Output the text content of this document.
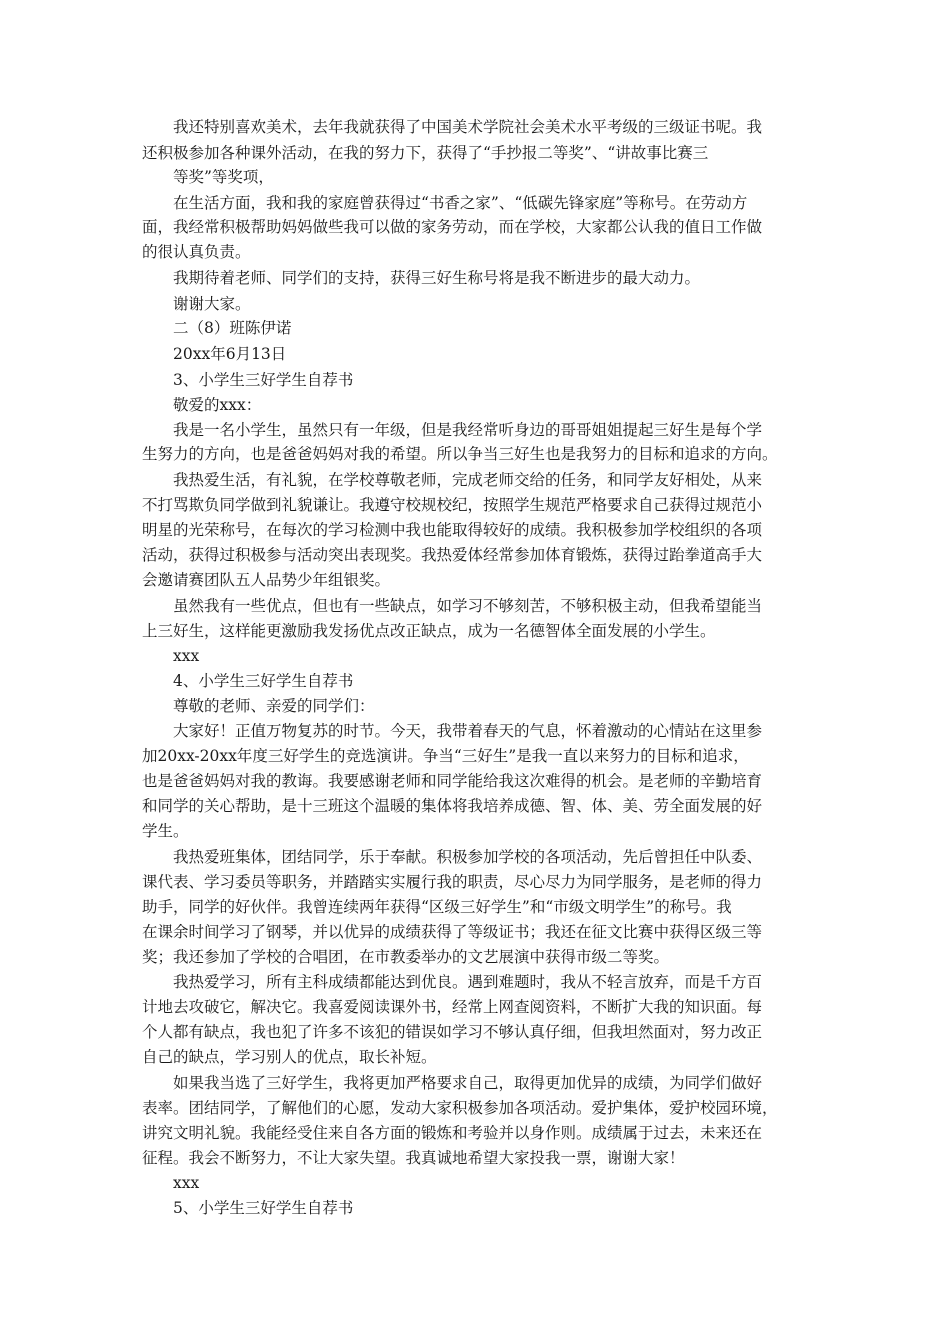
我还特别喜欢美术，去年我就获得了中国美术学院社会美术水平考级的三级证书呢。我
还积极参加各种课外活动，在我的努力下，获得了“手抄报二等奖”、“讲故事比赛三
等奖”等奖项，
在生活方面，我和我的家庭曾获得过“书香之家”、“低碳先锋家庭”等称号。在劳动方
面，我经常积极帮助妈妈做些我可以做的家务劳动，而在学校，大家都公认我的值日工作做
的很认真负责。
我期待着老师、同学们的支持，获得三好生称号将是我不断进步的最大动力。
谢谢大家。
二（8）班陈伊诺
20xx年6月13日
3、小学生三好学生自荐书
敬爱的xxx：
我是一名小学生，虽然只有一年级，但是我经常听身边的哥哥姐姐提起三好生是每个学
生努力的方向，也是爸爸妈妈对我的希望。所以争当三好生也是我努力的目标和追求的方向。
我热爱生活，有礼貌，在学校尊敬老师，完成老师交给的任务，和同学友好相处，从来
不打骂欺负同学做到礼貌谦让。我遵守校规校纪，按照学生规范严格要求自己获得过规范小
明星的光荣称号，在每次的学习检测中我也能取得较好的成绩。我积极参加学校组织的各项
活动，获得过积极参与活动突出表现奖。我热爱体经常参加体育锻炼，获得过跆拳道高手大
会邀请赛团队五人品势少年组银奖。
虽然我有一些优点，但也有一些缺点，如学习不够刻苦，不够积极主动，但我希望能当
上三好生，这样能更激励我发扬优点改正缺点，成为一名德智体全面发展的小学生。
xxx
4、小学生三好学生自荐书
尊敬的老师、亲爱的同学们：
大家好！正值万物复苏的时节。今天，我带着春天的气息，怀着激动的心情站在这里参
加20xx-20xx年度三好学生的竞选演讲。争当“三好生”是我一直以来努力的目标和追求，
也是爸爸妈妈对我的教诲。我要感谢老师和同学能给我这次难得的机会。是老师的辛勤培育
和同学的关心帮助，是十三班这个温暖的集体将我培养成德、智、体、美、劳全面发展的好
学生。
我热爱班集体，团结同学，乐于奉献。积极参加学校的各项活动，先后曾担任中队委、
课代表、学习委员等职务，并踏踏实实履行我的职责，尽心尽力为同学服务，是老师的得力
助手，同学的好伙伴。我曾连续两年获得“区级三好学生”和“市级文明学生”的称号。我
在课余时间学习了钢琴，并以优异的成绩获得了等级证书；我还在征文比赛中获得区级三等
奖；我还参加了学校的合唱团，在市教委举办的文艺展演中获得市级二等奖。
我热爱学习，所有主科成绩都能达到优良。遇到难题时，我从不轻言放弃，而是千方百
计地去攻破它，解决它。我喜爱阅读课外书，经常上网查阅资料，不断扩大我的知识面。每
个人都有缺点，我也犯了许多不该犯的错误如学习不够认真仔细，但我坦然面对，努力改正
自己的缺点，学习别人的优点，取长补短。
如果我当选了三好学生，我将更加严格要求自己，取得更加优异的成绩，为同学们做好
表率。团结同学，了解他们的心愿，发动大家积极参加各项活动。爱护集体，爱护校园环境，
讲究文明礼貌。我能经受住来自各方面的锻炼和考验并以身作则。成绩属于过去，未来还在
征程。我会不断努力，不让大家失望。我真诚地希望大家投我一票，谢谢大家！
xxx
5、小学生三好学生自荐书
